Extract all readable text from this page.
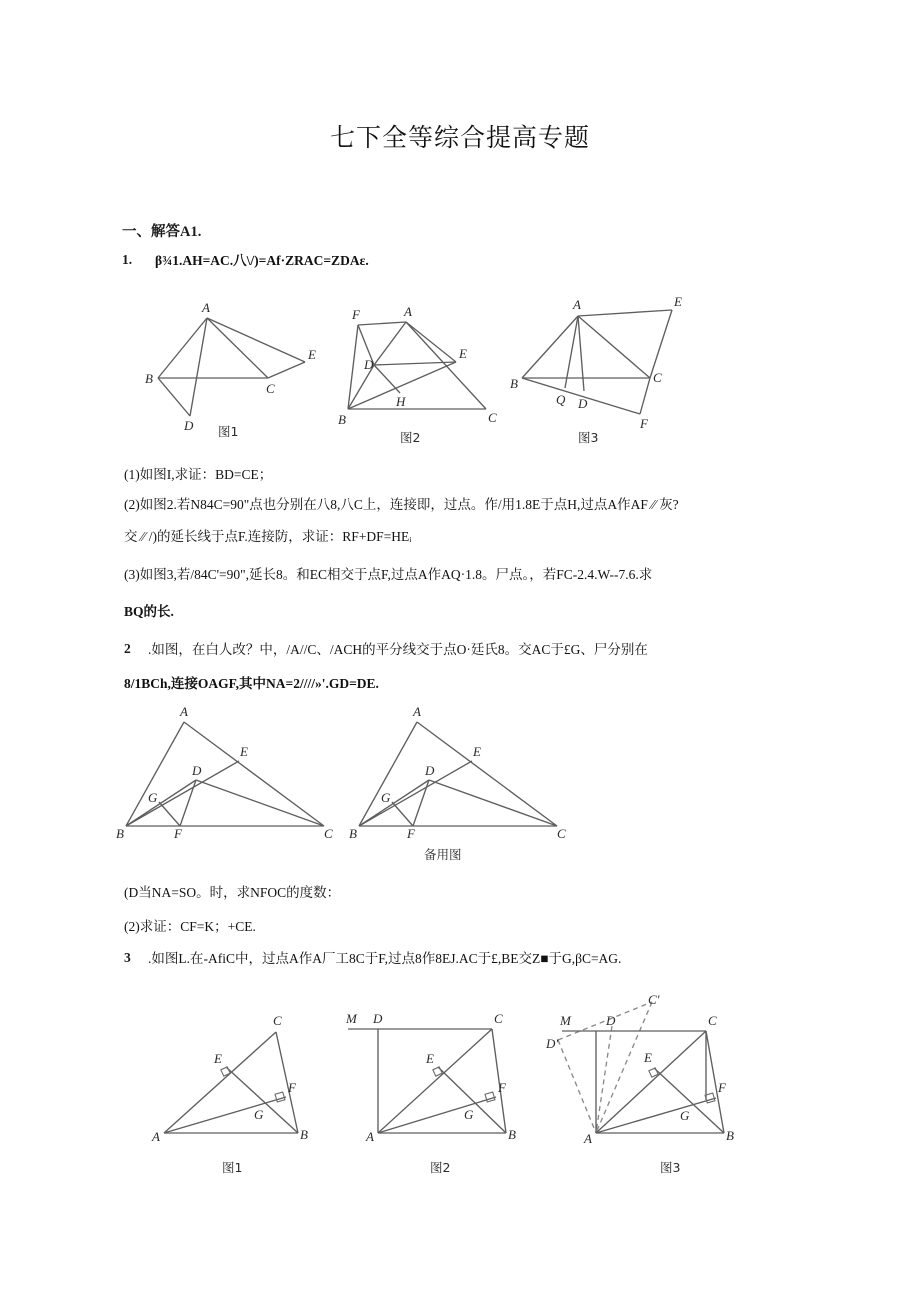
七下全等综合提高专题
一、解答A1.
1. β¾1.AH=AC.⼋\/)=Af·ZRAC=ZDAε.
A
B
C
D
E
图1
F	A
D
E
B
H
C
图2
A	E
B	C
Q D
F
图3
(1)如图I,求证：BD=CE；
(2)如图2.若N84C=90"点也分别在⼋8,⼋C上，连接即，过点。作/用1.8E于点H,过点A作AF ⁄⁄ 灰?
交 ⁄⁄ /)的延长线于点F.连接防，求证：RF+DF=HEᵢ
(3)如图3,若/84C'=90",延长8。和EC相交于点F,过点A作AQ·1.8。尸点。，若FC-2.4.W--7.6.求
BQ的长.
2 .如图，在白人改？中，/A//C、/ACH的平分线交于点O·廷氏8。交AC于£G、尸分别在
8/1BCh,连接OAGF,其中NA=2////»'.GD=DE.
A
E
D
G
B	F	C
A
E
D
G
B	F	C
备用图
(D当NA=SO。时，求NFOC的度数：
(2)求证：CF=K；+CE.
3 .如图L.在-AfiC中，过点A作A⼚工8C于F,过点8作8EJ.AC于£,BE交Z■于G,βC=AG.
C
E
F
G
A	B
图1
M D	C
E
F
G
A	B
图2
C'
M	D	C
D'
E
F
G
A	B
图3
